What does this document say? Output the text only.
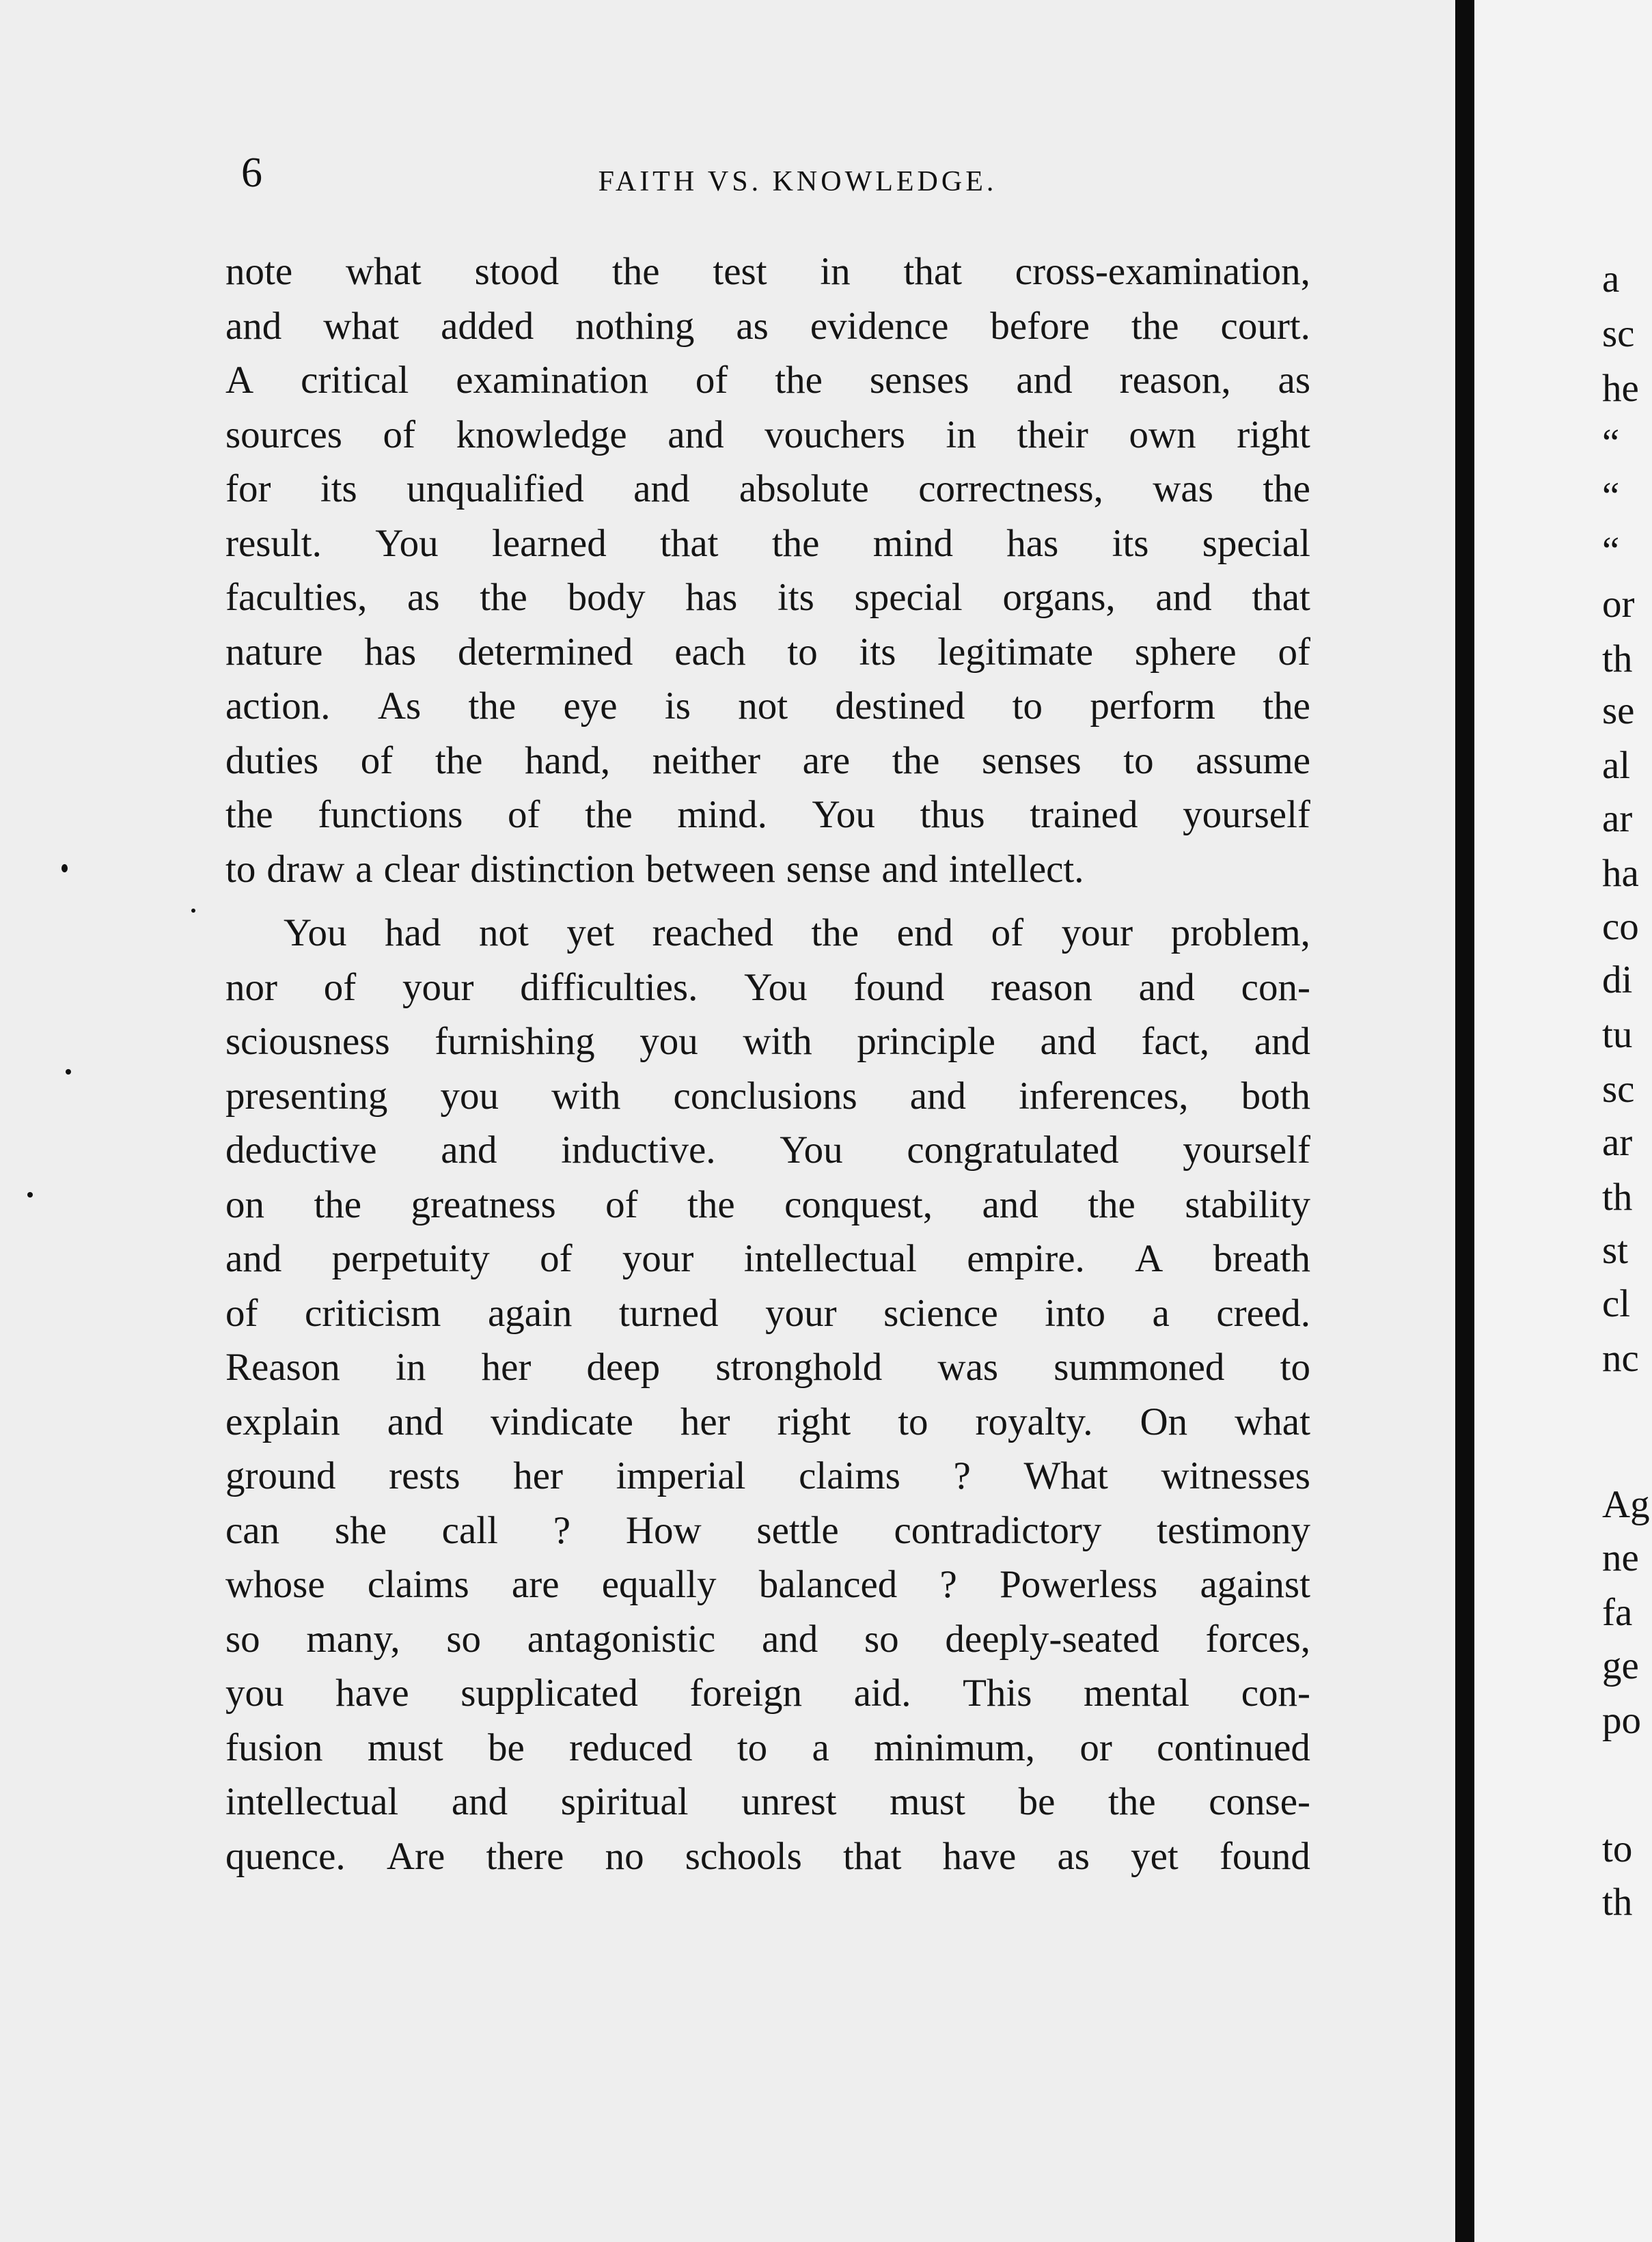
6	FAITH VS. KNOWLEDGE.
note what stood the test in that cross-examination,
and what added nothing as evidence before the court.
A critical examination of the senses and reason, as
sources of knowledge and vouchers in their own right
for its unqualified and absolute correctness, was the
result. You learned that the mind has its special
faculties, as the body has its special organs, and that
nature has determined each to its legitimate sphere of
action. As the eye is not destined to perform the
duties of the hand, neither are the senses to assume
the functions of the mind. You thus trained yourself
to draw a clear distinction between sense and intellect.
You had not yet reached the end of your problem,
nor of your difficulties. You found reason and con-
sciousness furnishing you with principle and fact, and
presenting you with conclusions and inferences, both
deductive and inductive. You congratulated yourself
on the greatness of the conquest, and the stability
and perpetuity of your intellectual empire. A breath
of criticism again turned your science into a creed.
Reason in her deep stronghold was summoned to
explain and vindicate her right to royalty. On what
ground rests her imperial claims ? What witnesses
can she call ? How settle contradictory testimony
whose claims are equally balanced ? Powerless against
so many, so antagonistic and so deeply-seated forces,
you have supplicated foreign aid. This mental con-
fusion must be reduced to a minimum, or continued
intellectual and spiritual unrest must be the conse-
quence. Are there no schools that have as yet found
a
sc
he
“
“
“
or
th
se
al
ar
ha
co
di
tu
sc
ar
th
st
cl
nc
Ag
ne
fa
ge
po
to
th
